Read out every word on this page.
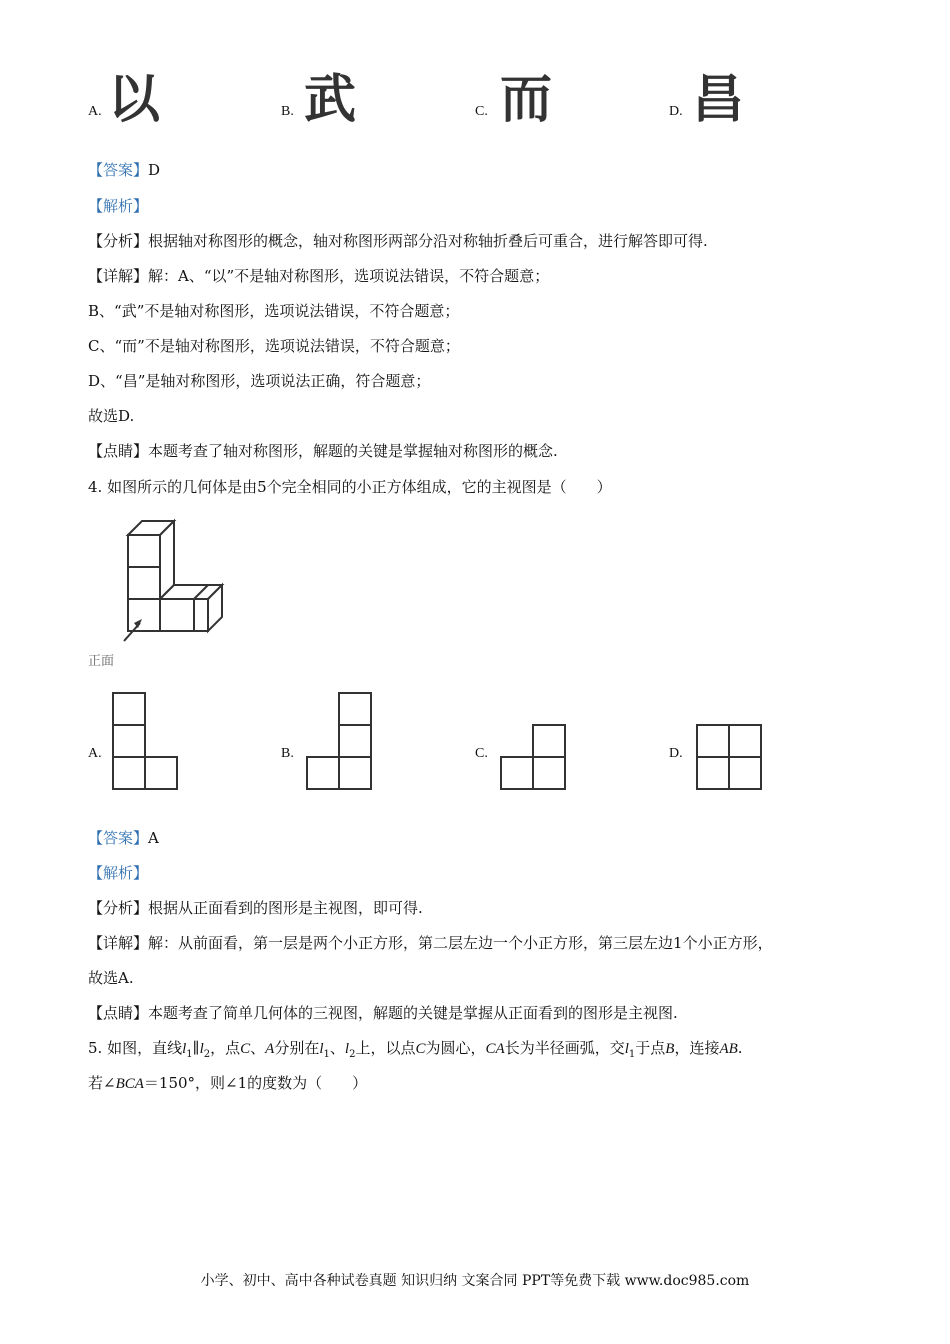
A. 以	B. 武	C. 而	D. 昌
【答案】D
【解析】
【分析】根据轴对称图形的概念，轴对称图形两部分沿对称轴折叠后可重合，进行解答即可得.
【详解】解：A、“以”不是轴对称图形，选项说法错误，不符合题意；
B、“武”不是轴对称图形，选项说法错误，不符合题意；
C、“而”不是轴对称图形，选项说法错误，不符合题意；
D、“昌”是轴对称图形，选项说法正确，符合题意；
故选D.
【点睛】本题考查了轴对称图形，解题的关键是掌握轴对称图形的概念.
4. 如图所示的几何体是由5个完全相同的小正方体组成，它的主视图是（　　）
正面
A.	B.	C.	D.
【答案】A
【解析】
【分析】根据从正面看到的图形是主视图，即可得.
【详解】解：从前面看，第一层是两个小正方形，第二层左边一个小正方形，第三层左边1个小正方形，
故选A.
【点睛】本题考查了简单几何体的三视图，解题的关键是掌握从正面看到的图形是主视图.
5. 如图，直线$l_1\parallel l_2$，点C、A分别在$l_1$、$l_2$上，以点C为圆心，CA长为半径画弧，交$l_1$于点B，连接AB.
若∠BCA＝150°，则∠1的度数为（　　）
小学、初中、高中各种试卷真题 知识归纳 文案合同 PPT等免费下载 www.doc985.com
